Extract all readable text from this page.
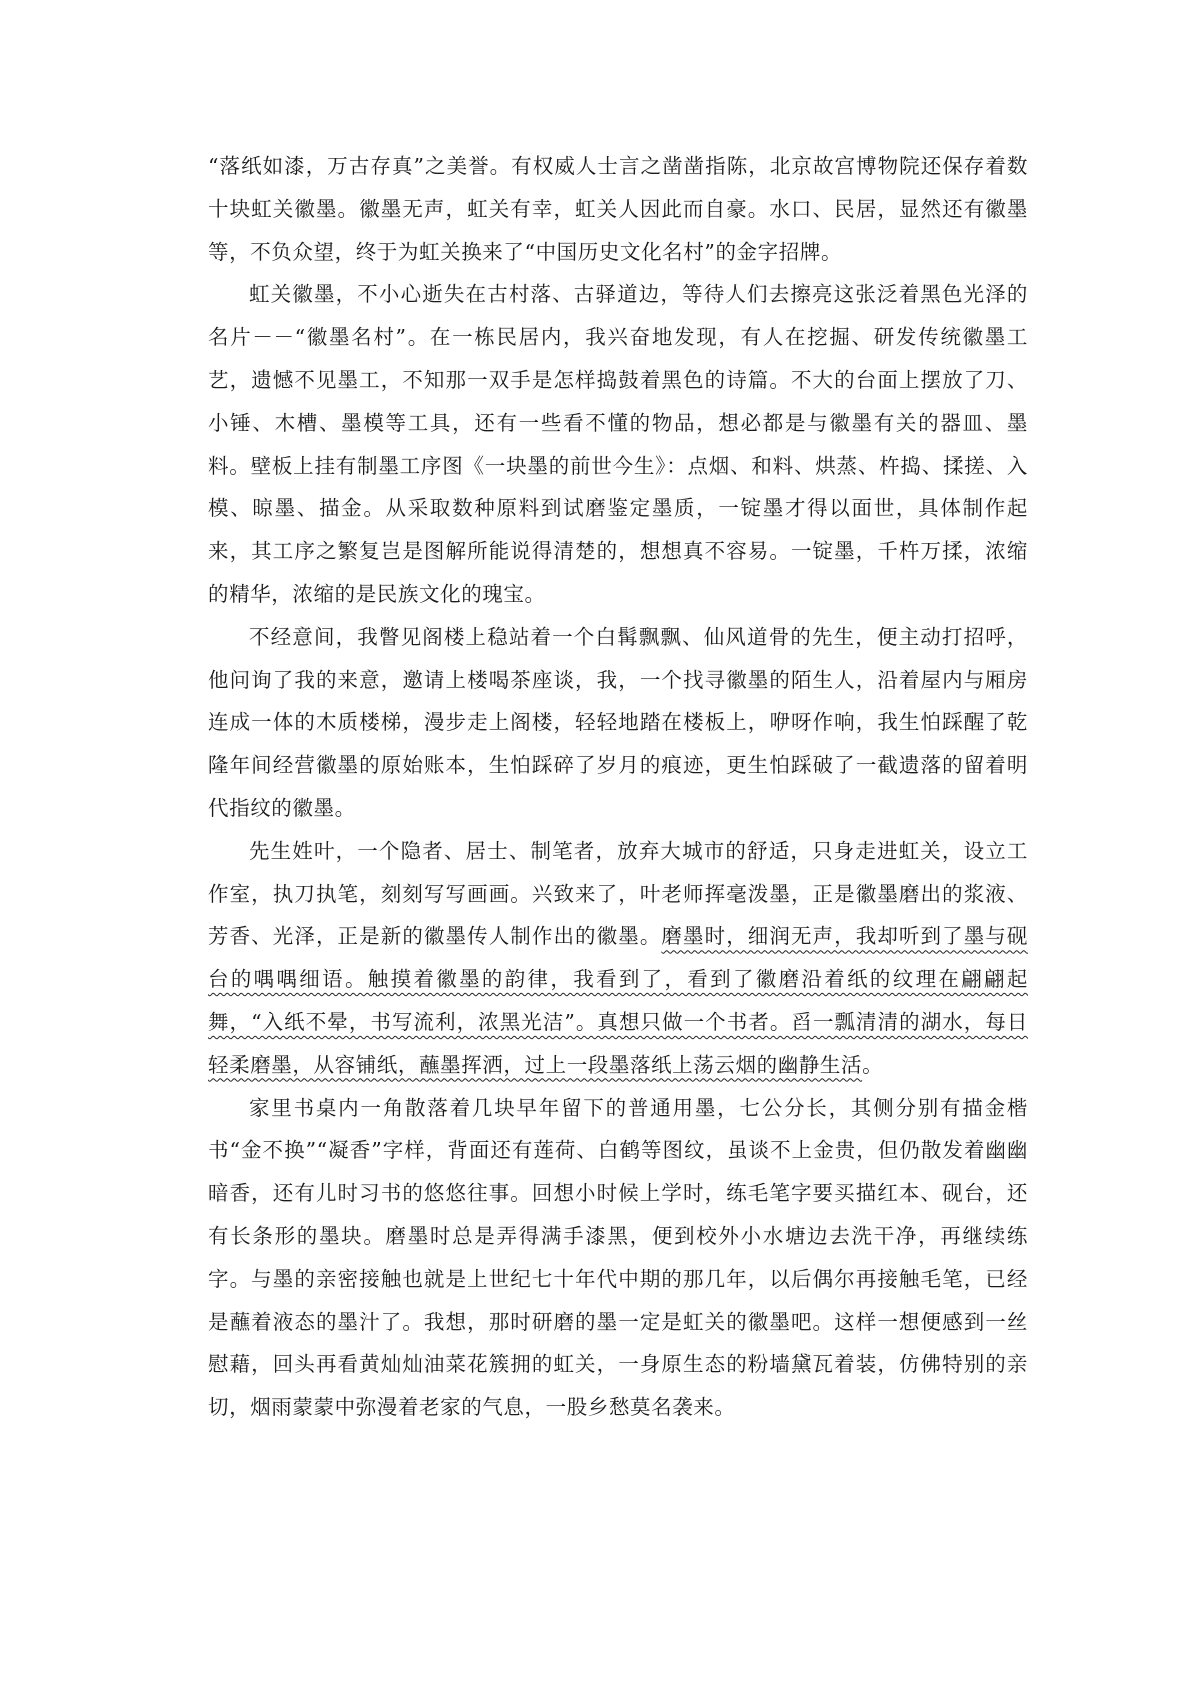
“落纸如漆，万古存真”之美誉。有权威人士言之凿凿指陈，北京故宫博物院还保存着数十块虹关徽墨。徽墨无声，虹关有幸，虹关人因此而自豪。水口、民居，显然还有徽墨等，不负众望，终于为虹关换来了“中国历史文化名村”的金字招牌。

虹关徽墨，不小心逝失在古村落、古驿道边，等待人们去擦亮这张泛着黑色光泽的名片－－“徽墨名村”。在一栋民居内，我兴奋地发现，有人在挖掘、研发传统徽墨工艺，遗憾不见墨工，不知那一双手是怎样捣鼓着黑色的诗篇。不大的台面上摆放了刀、小锤、木槽、墨模等工具，还有一些看不懂的物品，想必都是与徽墨有关的器皿、墨料。壁板上挂有制墨工序图《一块墨的前世今生》：点烟、和料、烘蒸、杵捣、揉搓、入模、晾墨、描金。从采取数种原料到试磨鉴定墨质，一锭墨才得以面世，具体制作起来，其工序之繁复岂是图解所能说得清楚的，想想真不容易。一锭墨，千杵万揉，浓缩的精华，浓缩的是民族文化的瑰宝。

不经意间，我瞥见阁楼上稳站着一个白髯飘飘、仙风道骨的先生，便主动打招呼，他问询了我的来意，邀请上楼喝茶座谈，我，一个找寻徽墨的陌生人，沿着屋内与厢房连成一体的木质楼梯，漫步走上阁楼，轻轻地踏在楼板上，咿呀作响，我生怕踩醒了乾隆年间经营徽墨的原始账本，生怕踩碎了岁月的痕迹，更生怕踩破了一截遗落的留着明代指纹的徽墨。

先生姓叶，一个隐者、居士、制笔者，放弃大城市的舒适，只身走进虹关，设立工作室，执刀执笔，刻刻写写画画。兴致来了，叶老师挥毫泼墨，正是徽墨磨出的浆液、芳香、光泽，正是新的徽墨传人制作出的徽墨。磨墨时，细润无声，我却听到了墨与砚台的喁喁细语。触摸着徽墨的韵律，我看到了，看到了徽磨沿着纸的纹理在翩翩起舞，“入纸不晕，书写流利，浓黑光洁”。真想只做一个书者。舀一瓢清清的湖水，每日轻柔磨墨，从容铺纸，蘸墨挥洒，过上一段墨落纸上荡云烟的幽静生活。

家里书桌内一角散落着几块早年留下的普通用墨，七公分长，其侧分别有描金楷书“金不换”“凝香”字样，背面还有莲荷、白鹤等图纹，虽谈不上金贵，但仍散发着幽幽暗香，还有儿时习书的悠悠往事。回想小时候上学时，练毛笔字要买描红本、砚台，还有长条形的墨块。磨墨时总是弄得满手漆黑，便到校外小水塘边去洗干净，再继续练字。与墨的亲密接触也就是上世纪七十年代中期的那几年，以后偶尔再接触毛笔，已经是蘸着液态的墨汁了。我想，那时研磨的墨一定是虹关的徽墨吧。这样一想便感到一丝慰藉，回头再看黄灿灿油菜花簇拥的虹关，一身原生态的粉墙黛瓦着装，仿佛特别的亲切，烟雨蒙蒙中弥漫着老家的气息，一股乡愁莫名袭来。
